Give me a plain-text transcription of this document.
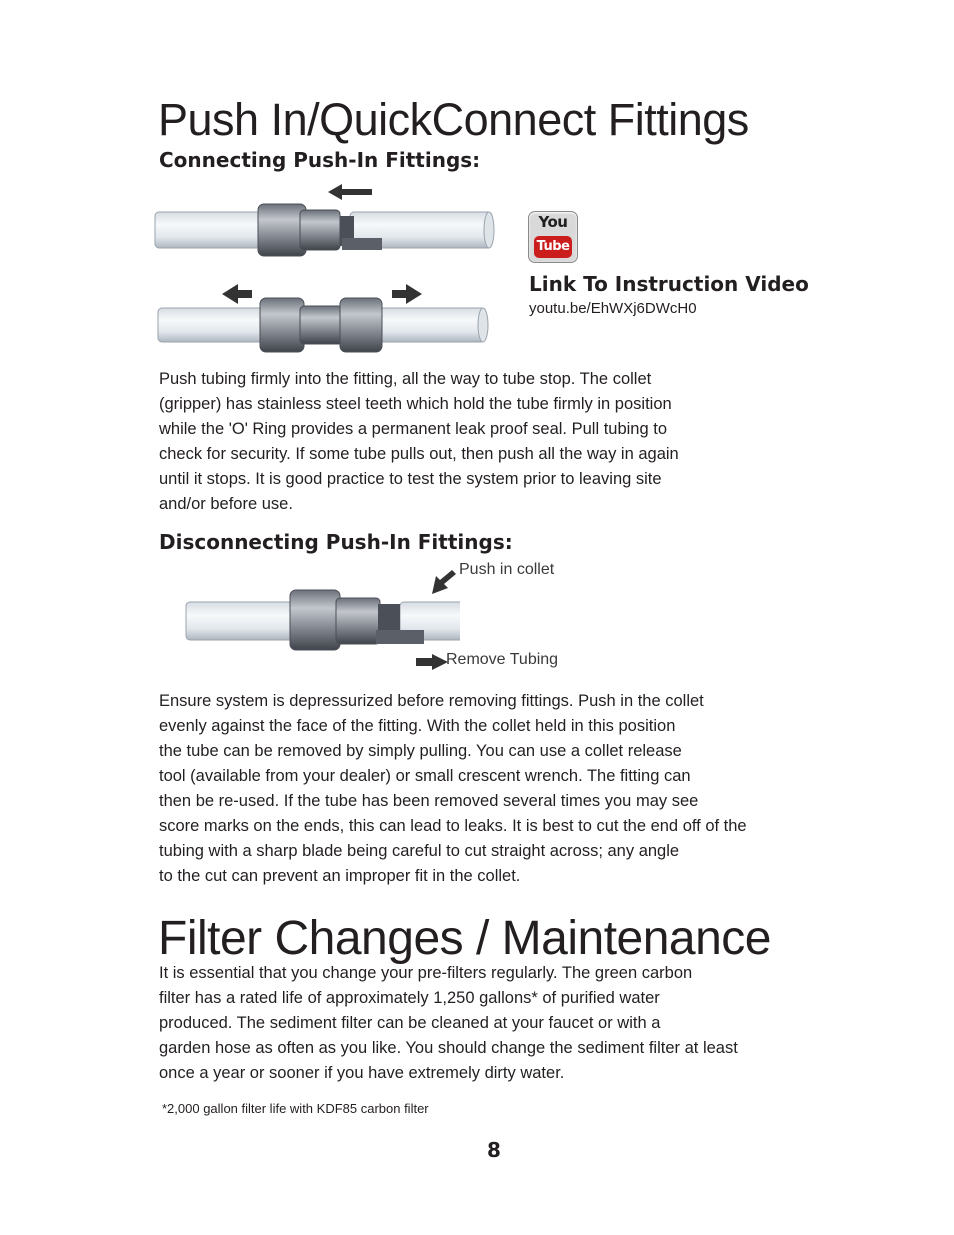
Push In/QuickConnect Fittings
Connecting Push-In Fittings:
You
Tube
Link To Instruction Video
youtu.be/EhWXj6DWcH0
Push tubing firmly into the fitting, all the way to tube stop. The collet
(gripper) has stainless steel teeth which hold the tube firmly in position
while the 'O' Ring provides a permanent leak proof seal. Pull tubing to
check for security. If some tube pulls out, then push all the way in again
until it stops. It is good practice to test the system prior to leaving site
and/or before use.
Disconnecting Push-In Fittings:
Push in collet
Remove Tubing
Ensure system is depressurized before removing fittings. Push in the collet
evenly against the face of the fitting. With the collet held in this position
the tube can be removed by simply pulling. You can use a collet release
tool (available from your dealer) or small crescent wrench. The fitting can
then be re-used. If the tube has been removed several times you may see
score marks on the ends, this can lead to leaks. It is best to cut the end off of the
tubing with a sharp blade being careful to cut straight across; any angle
to the cut can prevent an improper fit in the collet.
Filter Changes / Maintenance
It is essential that you change your pre-filters regularly. The green carbon
filter has a rated life of approximately 1,250 gallons* of purified water
produced. The sediment filter can be cleaned at your faucet or with a
garden hose as often as you like. You should change the sediment filter at least
once a year or sooner if you have extremely dirty water.
*2,000 gallon filter life with KDF85 carbon filter
8
